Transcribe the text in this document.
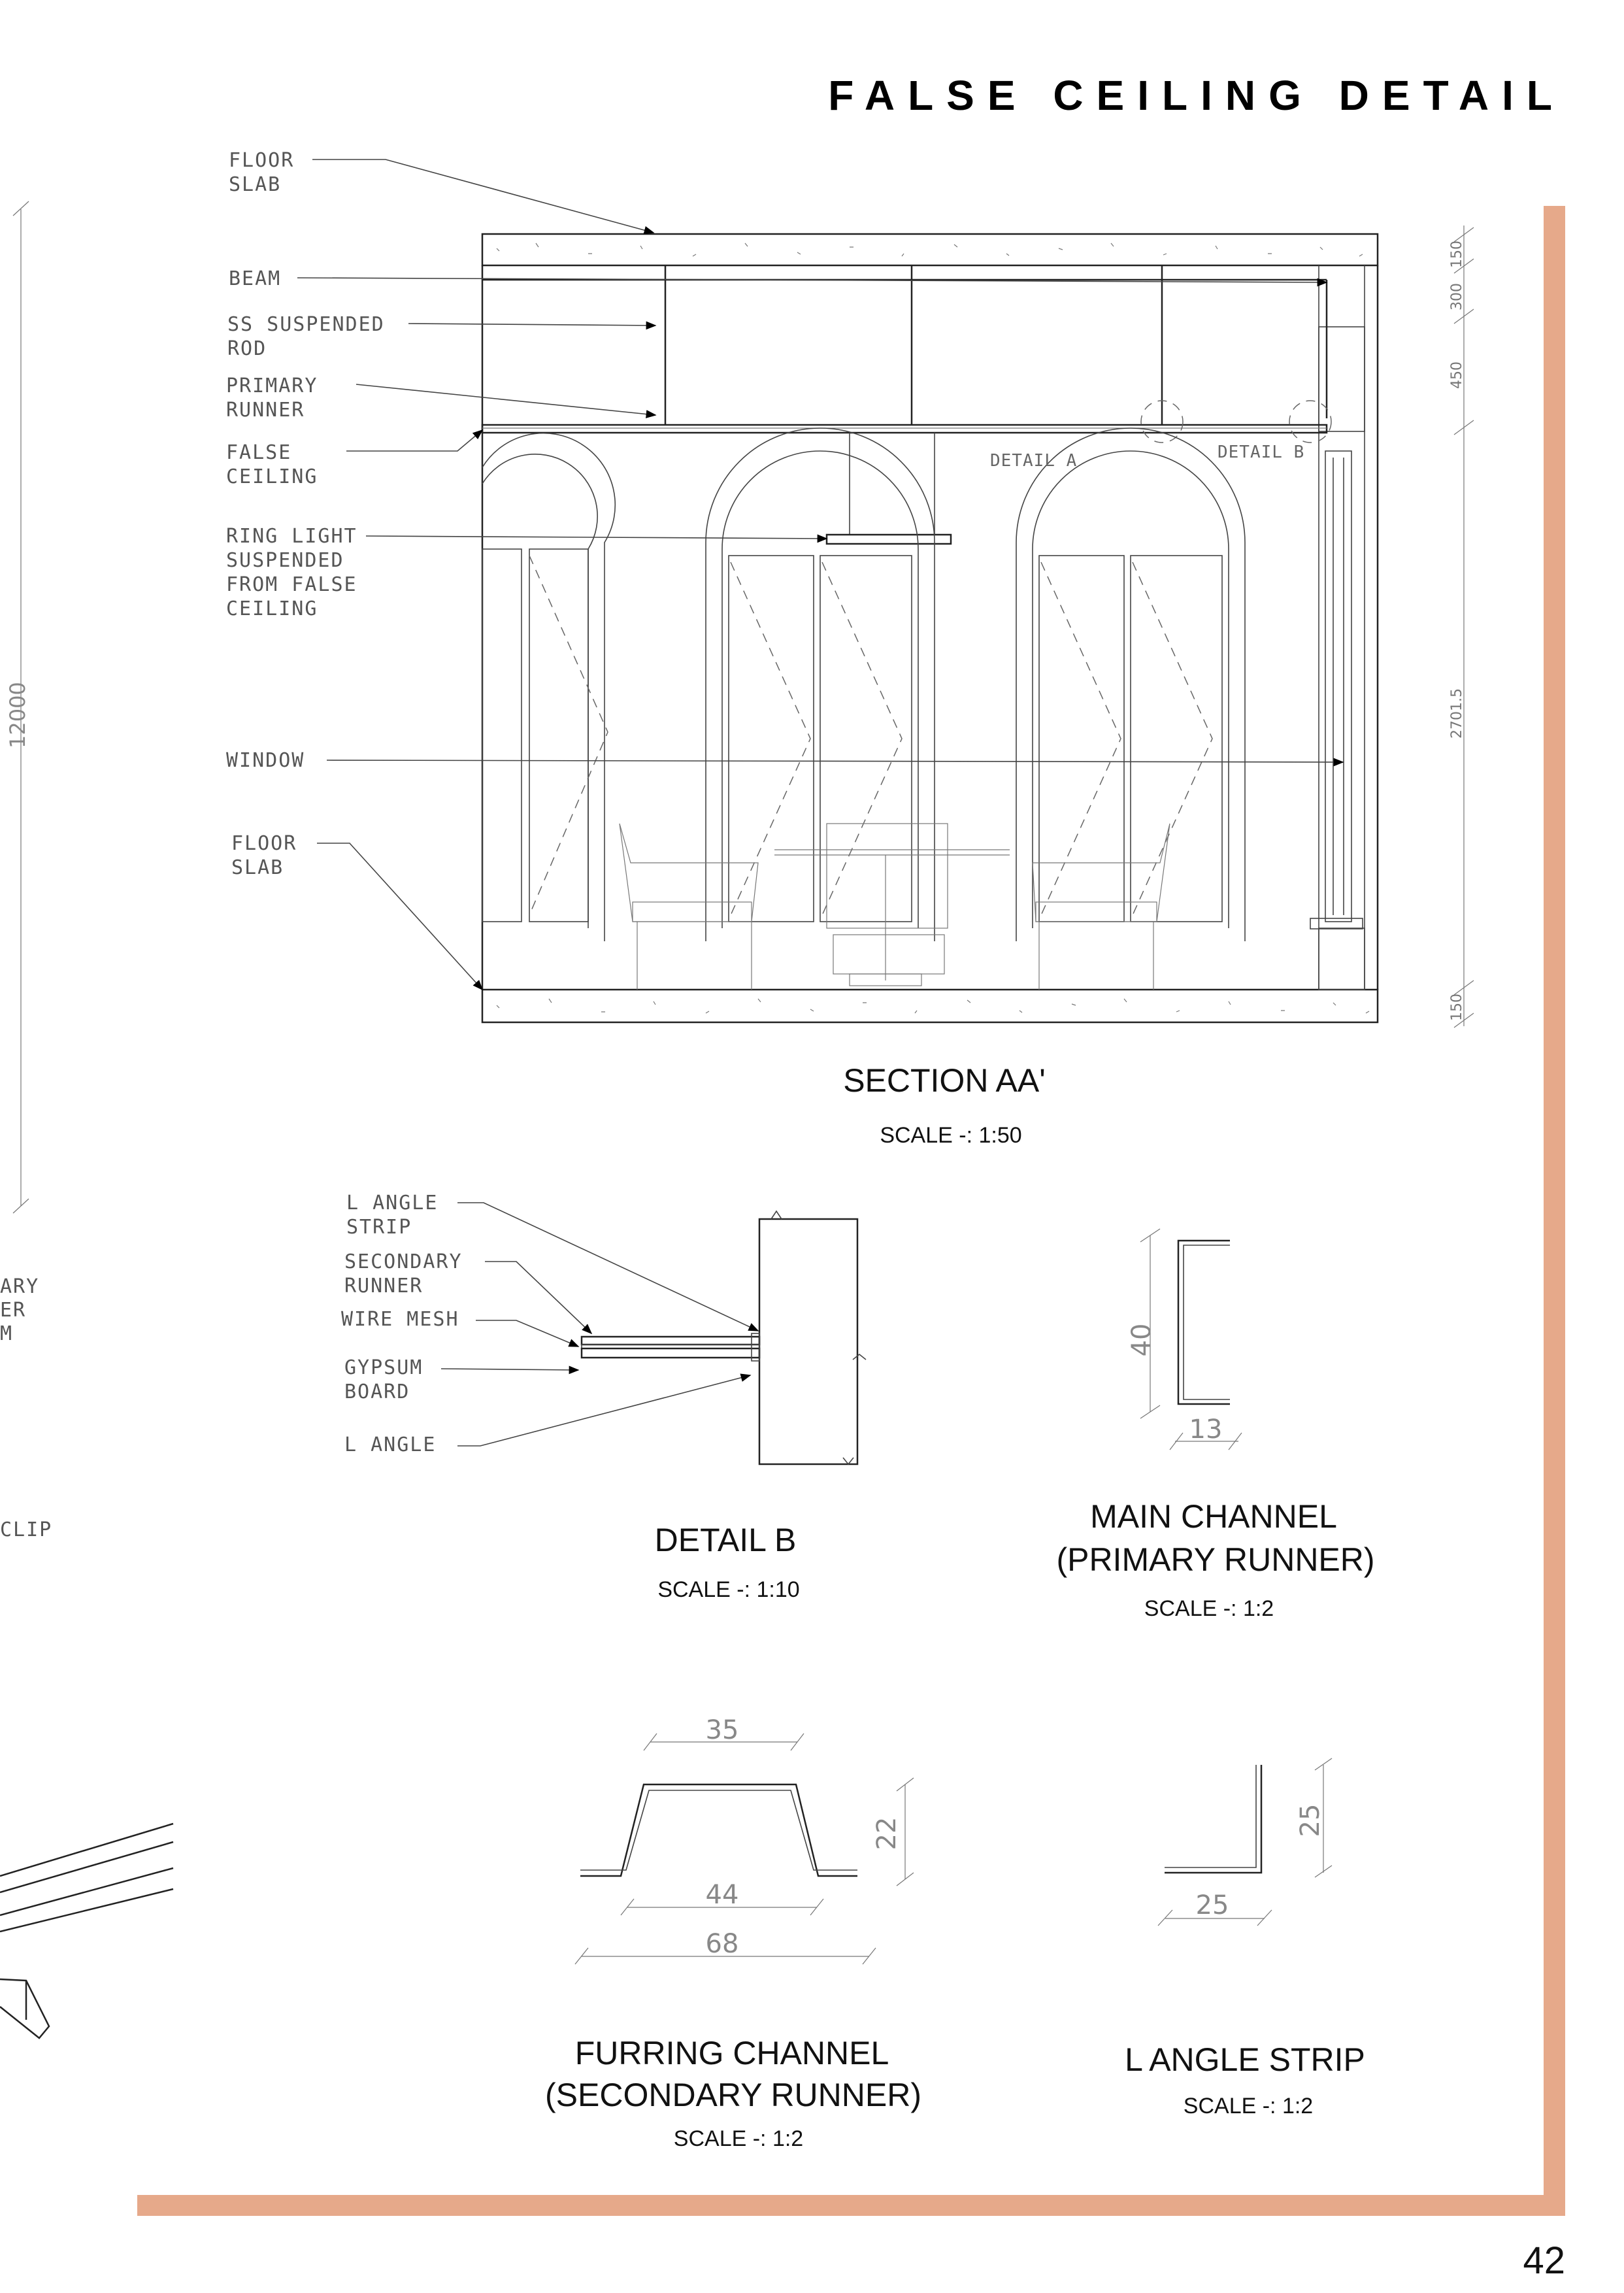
FALSE CEILING DETAIL
42
12000
ARY
ER
M
CLIP
FLOOR SLAB
BEAM
SS SUSPENDED ROD
PRIMARY RUNNER
FALSE CEILING
RING LIGHT SUSPENDED FROM FALSE CEILING
WINDOW
FLOOR SLAB
DETAIL A	DETAIL B
150
300
450
2701.5
150
SECTION AA'
SCALE -: 1:50
L ANGLE STRIP
SECONDARY RUNNER
WIRE MESH
GYPSUM BOARD
L ANGLE
DETAIL B
SCALE -: 1:10
40
13
MAIN CHANNEL
(PRIMARY RUNNER)
SCALE -: 1:2
35
22
44
68
FURRING CHANNEL
(SECONDARY RUNNER)
SCALE -: 1:2
25
25
L ANGLE STRIP
SCALE -: 1:2
